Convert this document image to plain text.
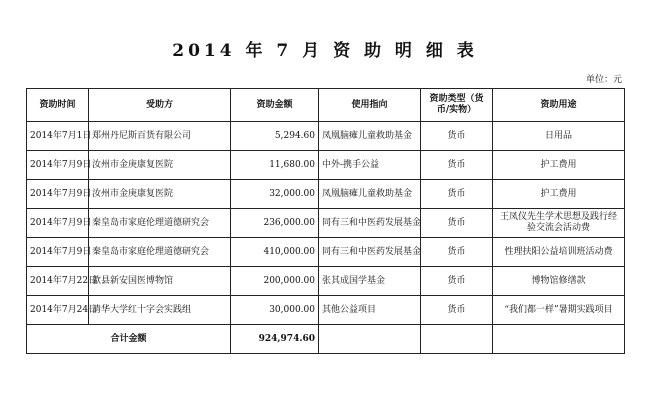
2014 年 7 月 资 助 明 细 表
单位：元
资助时间	受助方	资助金额	使用指向	资助类型（货币/实物）	资助用途
2014年7月1日	郑州丹尼斯百货有限公司	5,294.60	凤凰脑瘫儿童救助基金	货币	日用品
2014年7月9日	汝州市金庚康复医院	11,680.00	中外-携手公益	货币	护工费用
2014年7月9日	汝州市金庚康复医院	32,000.00	凤凰脑瘫儿童救助基金	货币	护工费用
2014年7月9日	秦皇岛市家庭伦理道德研究会	236,000.00	同有三和中医药发展基金	货币	王凤仪先生学术思想及践行经验交流会活动费
2014年7月9日	秦皇岛市家庭伦理道德研究会	410,000.00	同有三和中医药发展基金	货币	性理扶阳公益培训班活动费
2014年7月22日	歙县新安国医博物馆	200,000.00	张其成国学基金	货币	博物馆修缮款
2014年7月24日	清华大学红十字会实践组	30,000.00	其他公益项目	货币	“我们都一样”暑期实践项目
合计金额		924,974.60			
